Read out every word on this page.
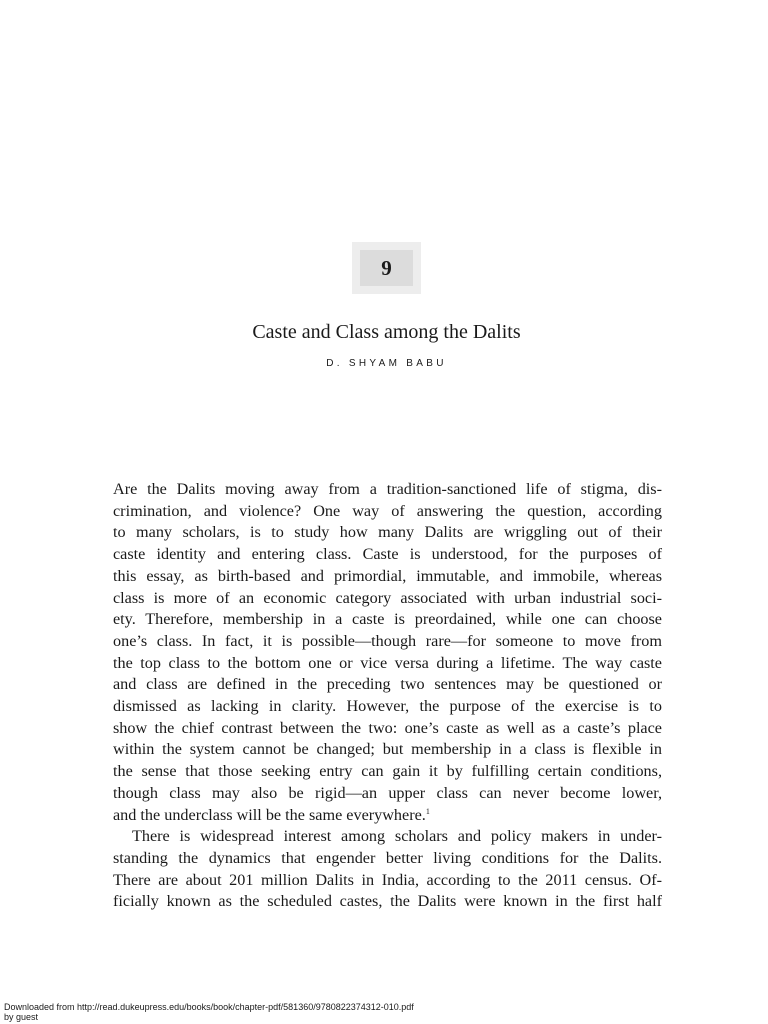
9
Caste and Class among the Dalits
D. SHYAM BABU

Are the Dalits moving away from a tradition-sanctioned life of stigma, dis-
crimination, and violence? One way of answering the question, according
to many scholars, is to study how many Dalits are wriggling out of their
caste identity and entering class. Caste is understood, for the purposes of
this essay, as birth-based and primordial, immutable, and immobile, whereas
class is more of an economic category associated with urban industrial soci-
ety. Therefore, membership in a caste is preordained, while one can choose
one’s class. In fact, it is possible—though rare—for someone to move from
the top class to the bottom one or vice versa during a lifetime. The way caste
and class are defined in the preceding two sentences may be questioned or
dismissed as lacking in clarity. However, the purpose of the exercise is to
show the chief contrast between the two: one’s caste as well as a caste’s place
within the system cannot be changed; but membership in a class is flexible in
the sense that those seeking entry can gain it by fulfilling certain conditions,
though class may also be rigid—an upper class can never become lower,
and the underclass will be the same everywhere.$^1$

There is widespread interest among scholars and policy makers in under-
standing the dynamics that engender better living conditions for the Dalits.
There are about 201 million Dalits in India, according to the 2011 census. Of-
ficially known as the scheduled castes, the Dalits were known in the first half

Downloaded from http://read.dukeupress.edu/books/book/chapter-pdf/581360/9780822374312-010.pdf
by guest
